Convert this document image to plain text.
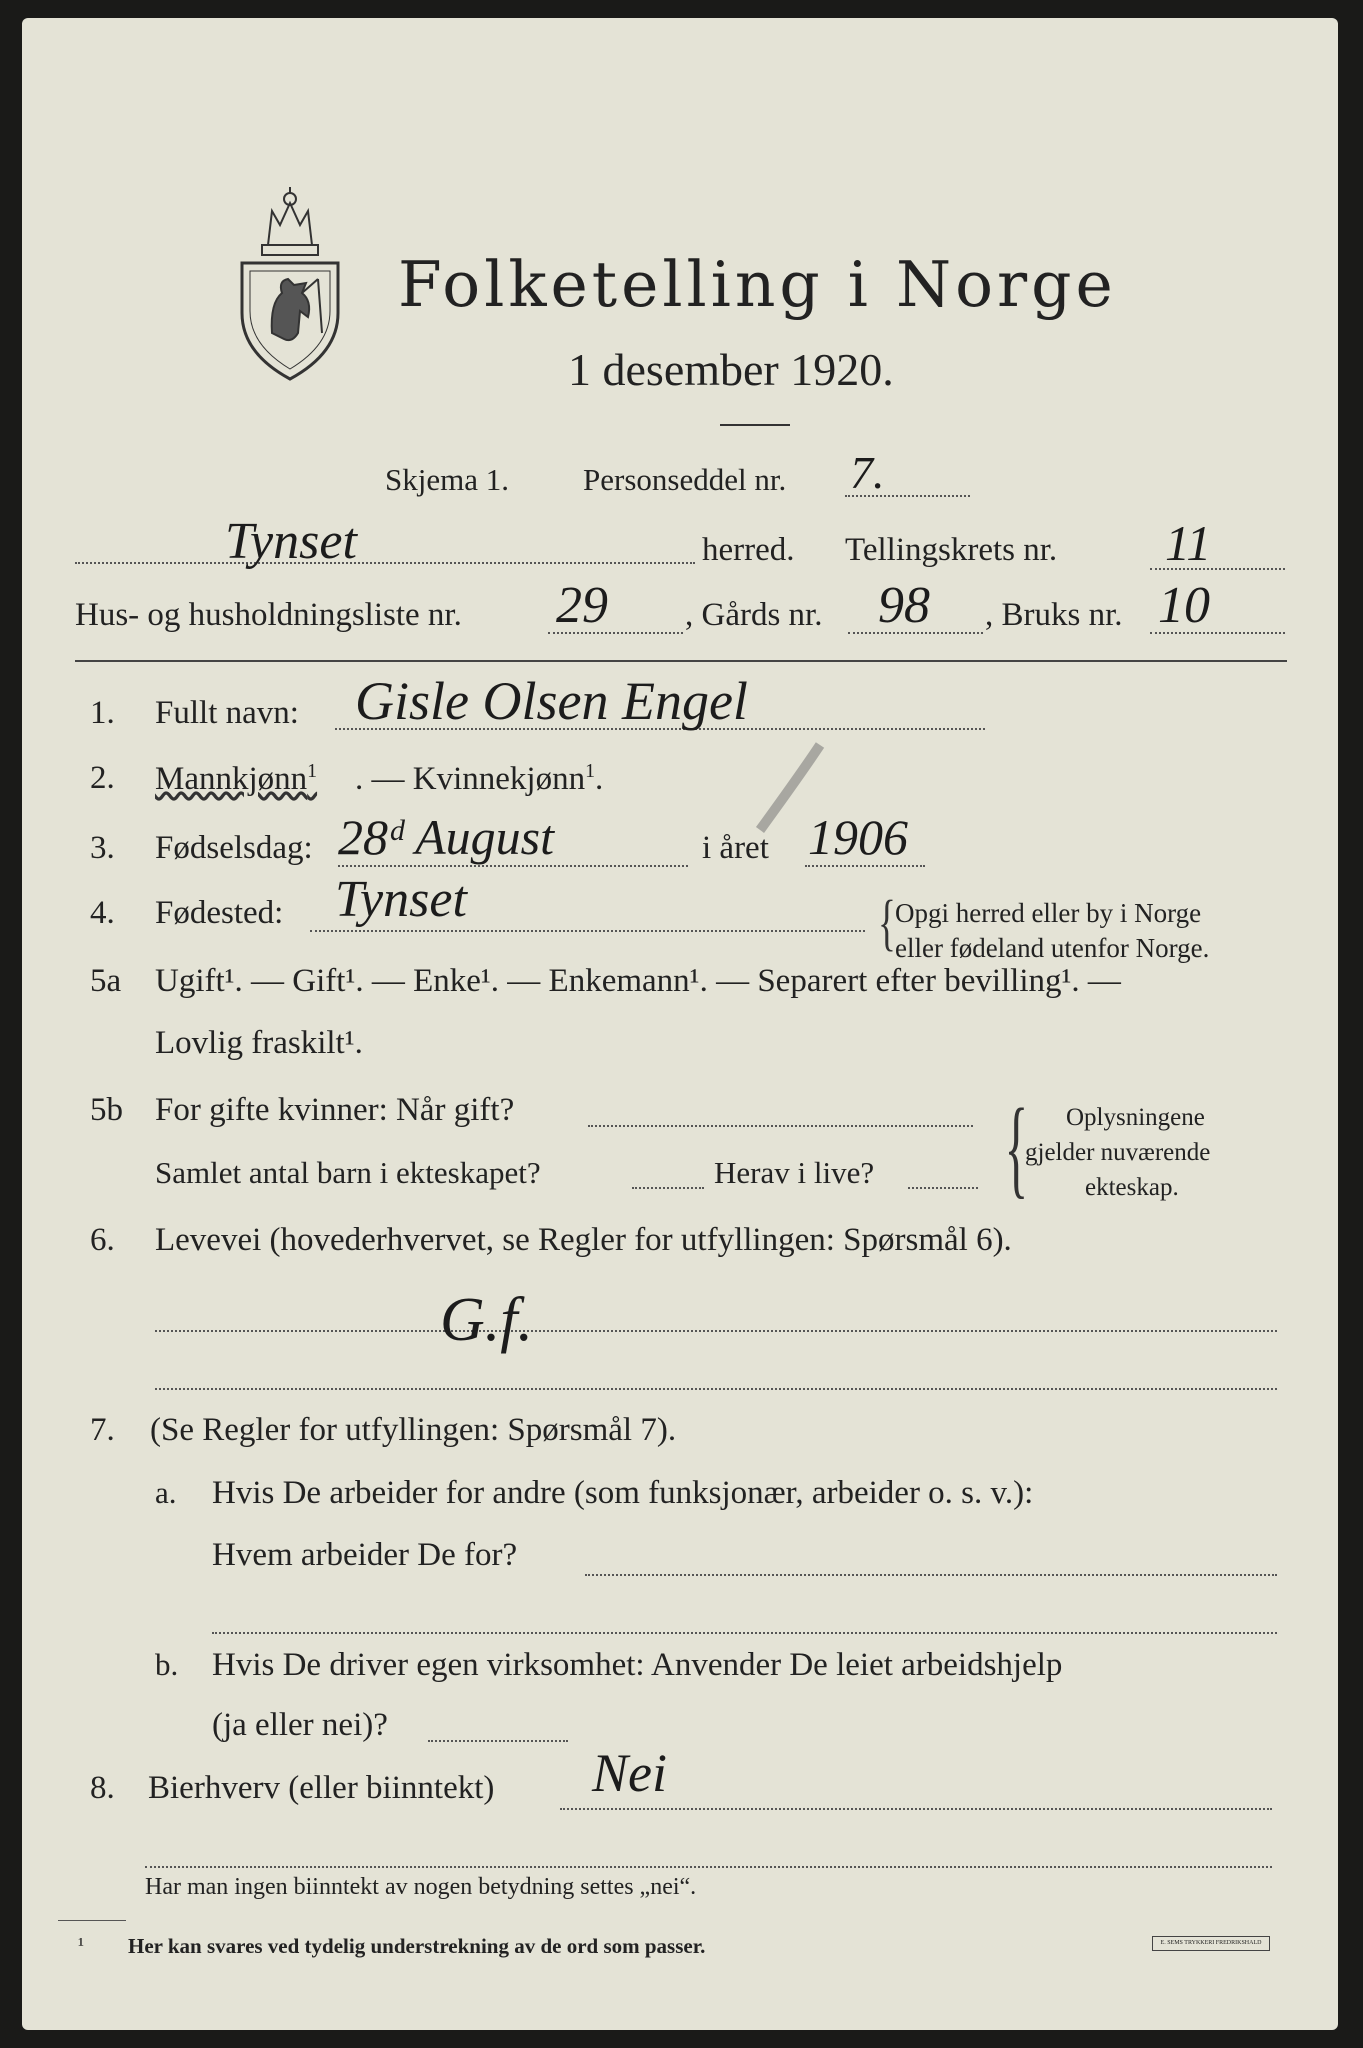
Folketelling i Norge
1 desember 1920.
Skjema 1. Personseddel nr. 7.
Tynset	herred. Tellingskrets nr. 11
Hus- og husholdningsliste nr. 29 , Gårds nr. 98 , Bruks nr. 10
1. Fullt navn: Gisle Olsen Engel
2. Mannkjønn$^1$ . — Kvinnekjønn$^1$.
3. Fødselsdag: 28ᵈ August	i året 1906
4. Fødested: Tynset	{ Opgi herred eller by i Norge
eller fødeland utenfor Norge.
5a Ugift¹. — Gift¹. — Enke¹. — Enkemann¹. — Separert efter bevilling¹. —
Lovlig fraskilt¹.
5b For gifte kvinner: Når gift?
Samlet antal barn i ekteskapet?	Herav i live? { Oplysningene
gjelder nuværende
ekteskap.
6. Levevei (hovederhvervet, se Regler for utfyllingen: Spørsmål 6).
G.f.
7. (Se Regler for utfyllingen: Spørsmål 7).
a. Hvis De arbeider for andre (som funksjonær, arbeider o. s. v.):
Hvem arbeider De for?
b. Hvis De driver egen virksomhet: Anvender De leiet arbeidshjelp
(ja eller nei)?
8. Bierhverv (eller biinntekt) Nei
Har man ingen biinntekt av nogen betydning settes „nei“.
¹ Her kan svares ved tydelig understrekning av de ord som passer.	E. SEMS TRYKKERI FREDRIKSHALD
